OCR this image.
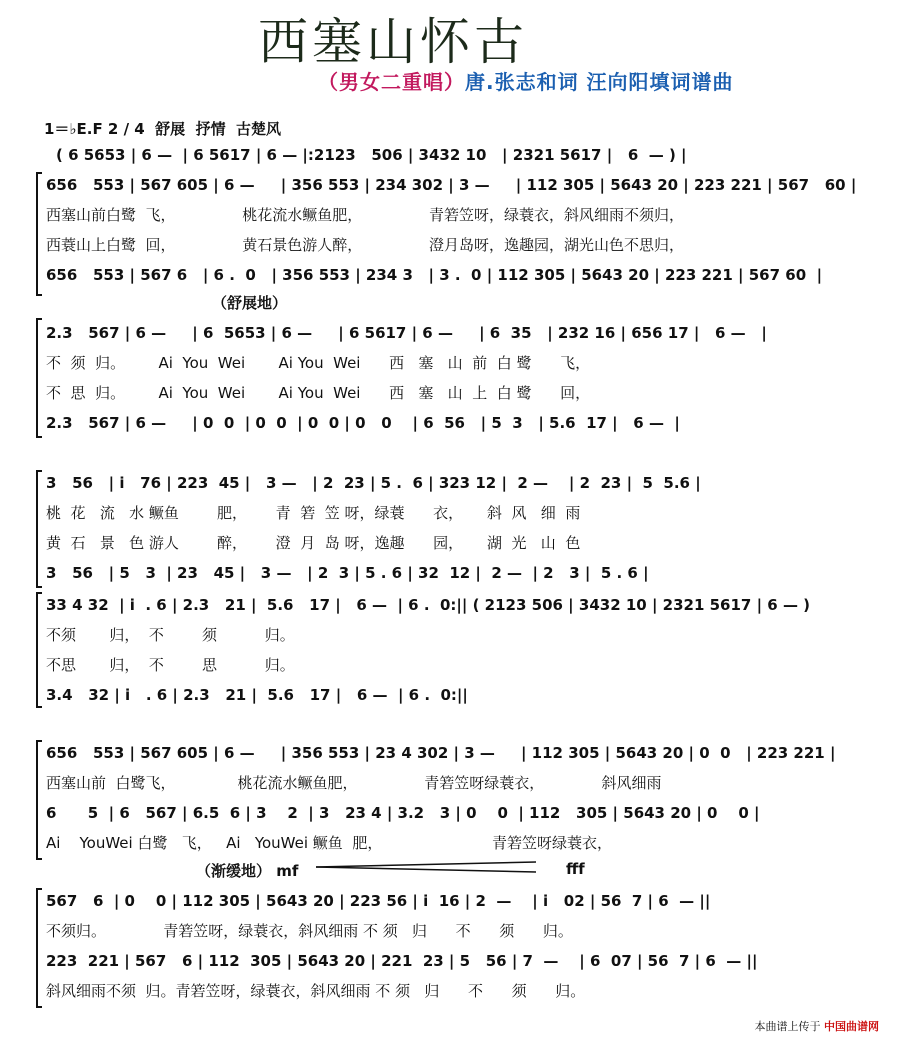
西塞山怀古
（男女二重唱）唐.张志和词 汪向阳填词谱曲
1＝♭E.F 2 / 4  舒展  抒情  古楚风
( 6 5653 | 6 —  | 6 5617 | 6 — |:2123   506 | 3432 10   | 2321 5617 |   6  — ) |
656   553 | 567 605 | 6 —     | 356 553 | 234 302 | 3 —     | 112 305 | 5643 20 | 223 221 | 567   60 |
西塞山前白鹭  飞，              桃花流水鳜鱼肥，              青箬笠呀，绿蓑衣，斜风细雨不须归，
西蓑山上白鹭  回，              黄石景色游人醉，              澄月岛呀，逸趣园，湖光山色不思归，
656   553 | 567 6   | 6 .  0   | 356 553 | 234 3   | 3 .  0 | 112 305 | 5643 20 | 223 221 | 567 60  |
（舒展地）
2.3   567 | 6 —     | 6  5653 | 6 —     | 6 5617 | 6 —     | 6  35   | 232 16 | 656 17 |   6 —   |
不  须  归。       Ai  You  Wei       Ai You  Wei      西   塞   山  前  白 鹭      飞，
不  思  归。       Ai  You  Wei       Ai You  Wei      西   塞   山  上  白 鹭      回，
2.3   567 | 6 —     | 0  0  | 0  0  | 0  0 | 0   0    | 6  56   | 5  3   | 5.6  17 |   6 —  |
3   56   | i   76 | 223  45 |   3 —   | 2  23 | 5 .  6 | 323 12 |  2 —    | 2  23 |  5  5.6 |
桃  花   流   水 鳜鱼        肥，      青  箬  笠 呀，绿蓑      衣，     斜  风   细  雨
黄  石   景   色 游人        醉，      澄  月  岛 呀，逸趣      园，     湖  光   山  色
3   56   | 5   3  | 23   45 |   3 —   | 2  3 | 5 . 6 | 32  12 |  2 —  | 2   3 |  5 . 6 |
33 4 32  | i  . 6 | 2.3   21 |  5.6   17 |   6 —  | 6 .  0:|| ( 2123 506 | 3432 10 | 2321 5617 | 6 — )
不须       归，  不        须          归。
不思       归，  不        思          归。
3.4   32 | i   . 6 | 2.3   21 |  5.6   17 |   6 —  | 6 .  0:||
656   553 | 567 605 | 6 —     | 356 553 | 23 4 302 | 3 —     | 112 305 | 5643 20 | 0  0   | 223 221 |
西塞山前  白鹭飞，             桃花流水鳜鱼肥，              青箬笠呀绿蓑衣，            斜风细雨
6      5  | 6   567 | 6.5  6 | 3    2  | 3   23 4 | 3.2   3 | 0    0  | 112   305 | 5643 20 | 0    0 |
Ai    YouWei 白鹭   飞，   Ai   YouWei 鳜鱼  肥，                       青箬笠呀绿蓑衣，
（渐缓地） mf	fff
567   6  | 0    0 | 112 305 | 5643 20 | 223 56 | i  16 | 2  —    | i   02 | 56  7 | 6  — ||
不须归。            青箬笠呀，绿蓑衣，斜风细雨 不 须   归      不      须      归。
223  221 | 567   6 | 112  305 | 5643 20 | 221  23 | 5   56 | 7  —    | 6  07 | 56  7 | 6  — ||
斜风细雨不须  归。青箬笠呀，绿蓑衣，斜风细雨 不 须   归      不      须      归。
本曲谱上传于 中国曲谱网
